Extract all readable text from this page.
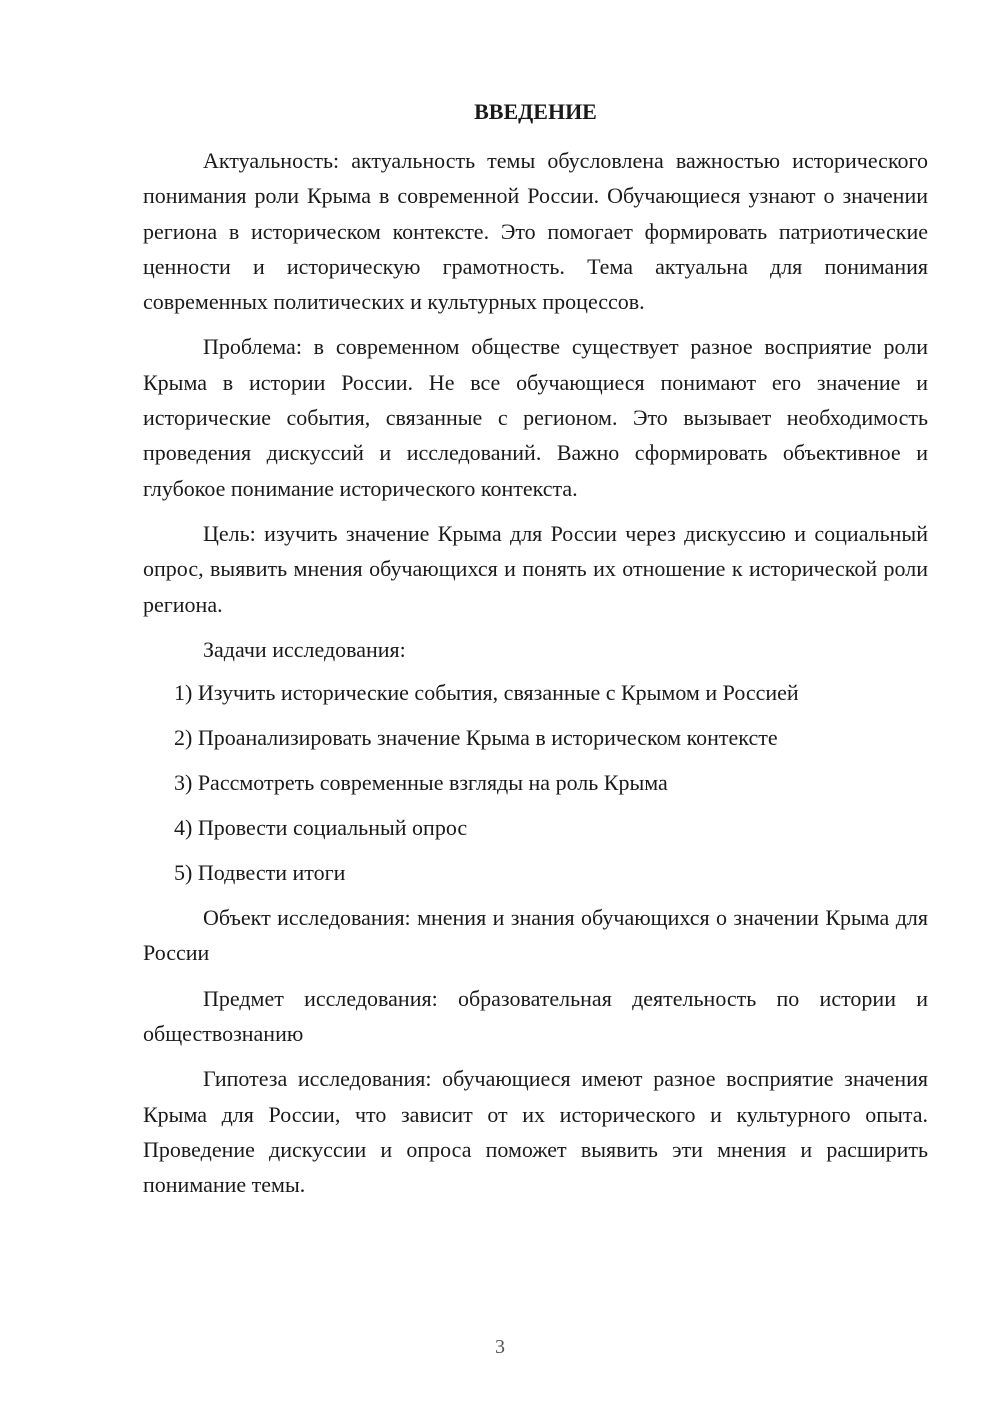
ВВЕДЕНИЕ

Актуальность: актуальность темы обусловлена важностью исторического понимания роли Крыма в современной России. Обучающиеся узнают о значении региона в историческом контексте. Это помогает формировать патриотические ценности и историческую грамотность. Тема актуальна для понимания современных политических и культурных процессов.

Проблема: в современном обществе существует разное восприятие роли Крыма в истории России. Не все обучающиеся понимают его значение и исторические события, связанные с регионом. Это вызывает необходимость проведения дискуссий и исследований. Важно сформировать объективное и глубокое понимание исторического контекста.

Цель: изучить значение Крыма для России через дискуссию и социальный опрос, выявить мнения обучающихся и понять их отношение к исторической роли региона.

Задачи исследования:

1) Изучить исторические события, связанные с Крымом и Россией
2) Проанализировать значение Крыма в историческом контексте
3) Рассмотреть современные взгляды на роль Крыма
4) Провести социальный опрос
5) Подвести итоги

Объект исследования: мнения и знания обучающихся о значении Крыма для России

Предмет исследования: образовательная деятельность по истории и обществознанию

Гипотеза исследования: обучающиеся имеют разное восприятие значения Крыма для России, что зависит от их исторического и культурного опыта. Проведение дискуссии и опроса поможет выявить эти мнения и расширить понимание темы.

3
